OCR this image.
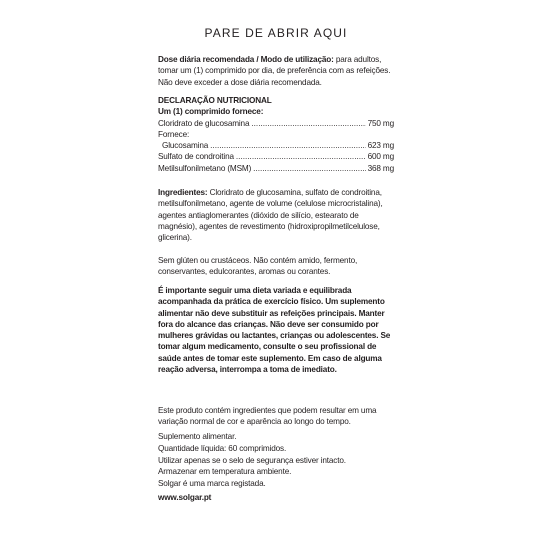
PARE DE ABRIR AQUI

Dose diária recomendada / Modo de utilização: para adultos, tomar um (1) comprimido por dia, de preferência com as refeições. Não deve exceder a dose diária recomendada.

DECLARAÇÃO NUTRICIONAL

Um (1) comprimido fornece:

Cloridrato de glucosamina .....	750 mg
Fornece:
Glucosamina .....	623 mg
Sulfato de condroitina .....	600 mg
Metilsulfonilmetano (MSM) .....	368 mg

Ingredientes: Cloridrato de glucosamina, sulfato de condroitina, metilsulfonilmetano, agente de volume (celulose microcristalina), agentes antiaglomerantes (dióxido de silício, estearato de magnésio), agentes de revestimento (hidroxipropilmetilcelulose, glicerina).

Sem glúten ou crustáceos. Não contém amido, fermento, conservantes, edulcorantes, aromas ou corantes.

É importante seguir uma dieta variada e equilibrada acompanhada da prática de exercício físico. Um suplemento alimentar não deve substituir as refeições principais. Manter fora do alcance das crianças. Não deve ser consumido por mulheres grávidas ou lactantes, crianças ou adolescentes. Se tomar algum medicamento, consulte o seu profissional de saúde antes de tomar este suplemento. Em caso de alguma reação adversa, interrompa a toma de imediato.

Este produto contém ingredientes que podem resultar em uma variação normal de cor e aparência ao longo do tempo.

Suplemento alimentar.

Quantidade líquida: 60 comprimidos.

Utilizar apenas se o selo de segurança estiver intacto.

Armazenar em temperatura ambiente.

Solgar é uma marca registada.

www.solgar.pt
